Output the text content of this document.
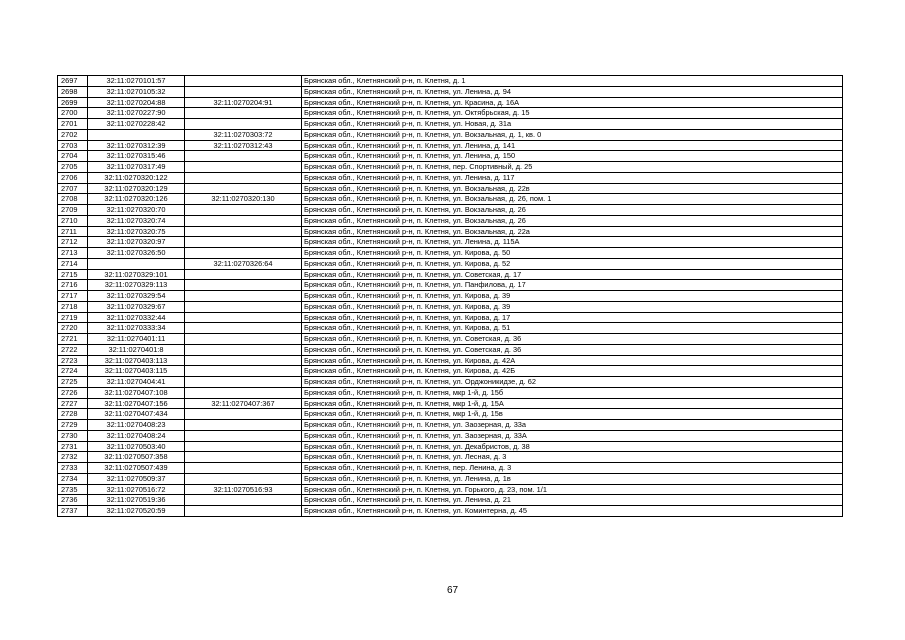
2697	32:11:0270101:57		Брянская обл., Клетнянский р-н, п. Клетня, д. 1
2698	32:11:0270105:32		Брянская обл., Клетнянский р-н, п. Клетня, ул. Ленина, д. 94
2699	32:11:0270204:88	32:11:0270204:91	Брянская обл., Клетнянский р-н, п. Клетня, ул. Красина, д. 16А
2700	32:11:0270227:90		Брянская обл., Клетнянский р-н, п. Клетня, ул. Октябрьская, д. 15
2701	32:11:0270228:42		Брянская обл., Клетнянский р-н, п. Клетня, ул. Новая, д. 31а
2702		32:11:0270303:72	Брянская обл., Клетнянский р-н, п. Клетня, ул. Вокзальная, д. 1, кв. 0
2703	32:11:0270312:39	32:11:0270312:43	Брянская обл., Клетнянский р-н, п. Клетня, ул. Ленина, д. 141
2704	32:11:0270315:46		Брянская обл., Клетнянский р-н, п. Клетня, ул. Ленина, д. 150
2705	32:11:0270317:49		Брянская обл., Клетнянский р-н, п. Клетня, пер. Спортивный, д. 25
2706	32:11:0270320:122		Брянская обл., Клетнянский р-н, п. Клетня, ул. Ленина, д. 117
2707	32:11:0270320:129		Брянская обл., Клетнянский р-н, п. Клетня, ул. Вокзальная, д. 22в
2708	32:11:0270320:126	32:11:0270320:130	Брянская обл., Клетнянский р-н, п. Клетня, ул. Вокзальная, д. 26, пом. 1
2709	32:11:0270320:70		Брянская обл., Клетнянский р-н, п. Клетня, ул. Вокзальная, д. 26
2710	32:11:0270320:74		Брянская обл., Клетнянский р-н, п. Клетня, ул. Вокзальная, д. 26
2711	32:11:0270320:75		Брянская обл., Клетнянский р-н, п. Клетня, ул. Вокзальная, д. 22а
2712	32:11:0270320:97		Брянская обл., Клетнянский р-н, п. Клетня, ул. Ленина, д. 115А
2713	32:11:0270326:50		Брянская обл., Клетнянский р-н, п. Клетня, ул. Кирова, д. 50
2714		32:11:0270326:64	Брянская обл., Клетнянский р-н, п. Клетня, ул. Кирова, д. 52
2715	32:11:0270329:101		Брянская обл., Клетнянский р-н, п. Клетня, ул. Советская, д. 17
2716	32:11:0270329:113		Брянская обл., Клетнянский р-н, п. Клетня, ул. Панфилова, д. 17
2717	32:11:0270329:54		Брянская обл., Клетнянский р-н, п. Клетня, ул. Кирова, д. 39
2718	32:11:0270329:67		Брянская обл., Клетнянский р-н, п. Клетня, ул. Кирова, д. 39
2719	32:11:0270332:44		Брянская обл., Клетнянский р-н, п. Клетня, ул. Кирова, д. 17
2720	32:11:0270333:34		Брянская обл., Клетнянский р-н, п. Клетня, ул. Кирова, д. 51
2721	32:11:0270401:11		Брянская обл., Клетнянский р-н, п. Клетня, ул. Советская, д. 36
2722	32:11:0270401:8		Брянская обл., Клетнянский р-н, п. Клетня, ул. Советская, д. 36
2723	32:11:0270403:113		Брянская обл., Клетнянский р-н, п. Клетня, ул. Кирова, д. 42А
2724	32:11:0270403:115		Брянская обл., Клетнянский р-н, п. Клетня, ул. Кирова, д. 42Б
2725	32:11:0270404:41		Брянская обл., Клетнянский р-н, п. Клетня, ул. Орджоникидзе, д. 62
2726	32:11:0270407:108		Брянская обл., Клетнянский р-н, п. Клетня, мкр 1-й, д. 15б
2727	32:11:0270407:156	32:11:0270407:367	Брянская обл., Клетнянский р-н, п. Клетня, мкр 1-й, д. 15А
2728	32:11:0270407:434		Брянская обл., Клетнянский р-н, п. Клетня, мкр 1-й, д. 15в
2729	32:11:0270408:23		Брянская обл., Клетнянский р-н, п. Клетня, ул. Заозерная, д. 33а
2730	32:11:0270408:24		Брянская обл., Клетнянский р-н, п. Клетня, ул. Заозерная, д. 33А
2731	32:11:0270503:40		Брянская обл., Клетнянский р-н, п. Клетня, ул. Декабристов, д. 38
2732	32:11:0270507:358		Брянская обл., Клетнянский р-н, п. Клетня, ул. Лесная, д. 3
2733	32:11:0270507:439		Брянская обл., Клетнянский р-н, п. Клетня, пер. Ленина, д. 3
2734	32:11:0270509:37		Брянская обл., Клетнянский р-н, п. Клетня, ул. Ленина, д. 1в
2735	32:11:0270516:72	32:11:0270516:93	Брянская обл., Клетнянский р-н, п. Клетня, ул. Горького, д. 23, пом. 1/1
2736	32:11:0270519:36		Брянская обл., Клетнянский р-н, п. Клетня, ул. Ленина, д. 21
2737	32:11:0270520:59		Брянская обл., Клетнянский р-н, п. Клетня, ул. Коминтерна, д. 45
67
